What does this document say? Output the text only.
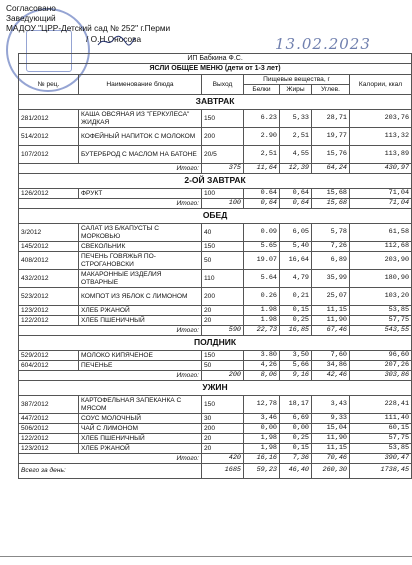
Согласовано
Заведующий
МАДОУ "ЦРР-Детский сад № 252" г.Перми
/ О.Н.Оносова	13.02.2023
ИП Бабкина Ф.С.						
ЯСЛИ ОБЩЕЕ МЕНЮ (дети от 1-3 лет)						
№ рец.	Наименование блюда	Выход	Пищевые вещества, г			Калории, ккал
			Белки	Жиры	Углев.	
ЗАВТРАК						
281/2012	КАША ОВСЯНАЯ ИЗ "ГЕРКУЛЕСА" ЖИДКАЯ	150	6.23	5,33	28,71	203,76
514/2012	КОФЕЙНЫЙ НАПИТОК С МОЛОКОМ	200	2.90	2,51	19,77	113,32
107/2012	БУТЕРБРОД С МАСЛОМ НА БАТОНЕ	20/5	2,51	4,55	15,76	113,89
Итого:		375	11,64	12,39	64,24	430,97
2-ОЙ ЗАВТРАК						
126/2012	ФРУКТ	100	0.64	0,64	15,68	71,04
Итого:		100	0,64	0,64	15,68	71,04
ОБЕД						
3/2012	САЛАТ ИЗ Б/КАПУСТЫ С МОРКОВЬЮ	40	0.09	6,05	5,78	61,58
145/2012	СВЕКОЛЬНИК	150	5.65	5,40	7,26	112,68
408/2012	ПЕЧЕНЬ ГОВЯЖЬЯ ПО-СТРОГАНОВСКИ	50	19.07	16,64	6,89	203,90
432/2012	МАКАРОННЫЕ ИЗДЕЛИЯ ОТВАРНЫЕ	110	5.64	4,79	35,99	180,90
523/2012	КОМПОТ ИЗ ЯБЛОК С ЛИМОНОМ	200	0.26	0,21	25,07	103,20
123/2012	ХЛЕБ РЖАНОЙ	20	1.98	0,15	11,15	53,85
122/2012	ХЛЕБ ПШЕНИЧНЫЙ	20	1.98	0,25	11,90	57,75
Итого:		590	22,73	16,85	67,46	543,55
ПОЛДНИК						
529/2012	МОЛОКО КИПЯЧЕНОЕ	150	3.80	3,50	7,60	96,60
604/2012	ПЕЧЕНЬЕ	50	4,26	5,66	34,86	207,26
Итого:		200	8,06	9,16	42,46	303,86
УЖИН						
387/2012	КАРТОФЕЛЬНАЯ ЗАПЕКАНКА С МЯСОМ	150	12,78	18,17	3,43	228,41
447/2012	СОУС МОЛОЧНЫЙ	30	3,46	6,69	9,33	111,40
506/2012	ЧАЙ С ЛИМОНОМ	200	0,00	0,00	15,04	60,15
122/2012	ХЛЕБ ПШЕНИЧНЫЙ	20	1,98	0,25	11,90	57,75
123/2012	ХЛЕБ РЖАНОЙ	20	1,98	0,15	11,15	53,85
Итого:		420	16,16	7,36	70,46	390,47
Всего за день:		1685	59,23	46,40	260,30	1738,45
